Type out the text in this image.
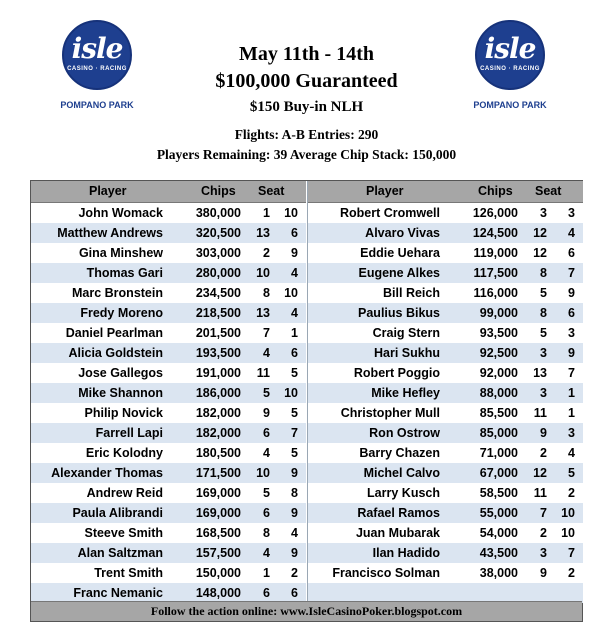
isle
CASINO · RACING
POMPANO PARK
isle
CASINO · RACING
POMPANO PARK
May 11th - 14th
$100,000 Guaranteed
$150 Buy-in NLH
Flights: A-B Entries: 290
Players Remaining: 39 Average Chip Stack: 150,000
Player	Chips Seat
John Womack	380,000 1 10
Matthew Andrews	320,500 13 6
Gina Minshew	303,000 2 9
Thomas Gari	280,000 10 4
Marc Bronstein	234,500 8 10
Fredy Moreno	218,500 13 4
Daniel Pearlman	201,500 7 1
Alicia Goldstein	193,500 4 6
Jose Gallegos	191,000 11 5
Mike Shannon	186,000 5 10
Philip Novick	182,000 9 5
Farrell Lapi	182,000 6 7
Eric Kolodny	180,500 4 5
Alexander Thomas	171,500 10 9
Andrew Reid	169,000 5 8
Paula Alibrandi	169,000 6 9
Steeve Smith	168,500 8 4
Alan Saltzman	157,500 4 9
Trent Smith	150,000 1 2
Franc Nemanic	148,000 6 6
Player	Chips Seat
Robert Cromwell	126,000 3 3
Alvaro Vivas	124,500 12 4
Eddie Uehara	119,000 12 6
Eugene Alkes	117,500 8 7
Bill Reich	116,000 5 9
Paulius Bikus	99,000 8 6
Craig Stern	93,500 5 3
Hari Sukhu	92,500 3 9
Robert Poggio	92,000 13 7
Mike Hefley	88,000 3 1
Christopher Mull	85,500 11 1
Ron Ostrow	85,000 9 3
Barry Chazen	71,000 2 4
Michel Calvo	67,000 12 5
Larry Kusch	58,500 11 2
Rafael Ramos	55,000 7 10
Juan Mubarak	54,000 2 10
Ilan Hadido	43,500 3 7
Francisco Solman	38,000 9 2
Follow the action online: www.IsleCasinoPoker.blogspot.com
